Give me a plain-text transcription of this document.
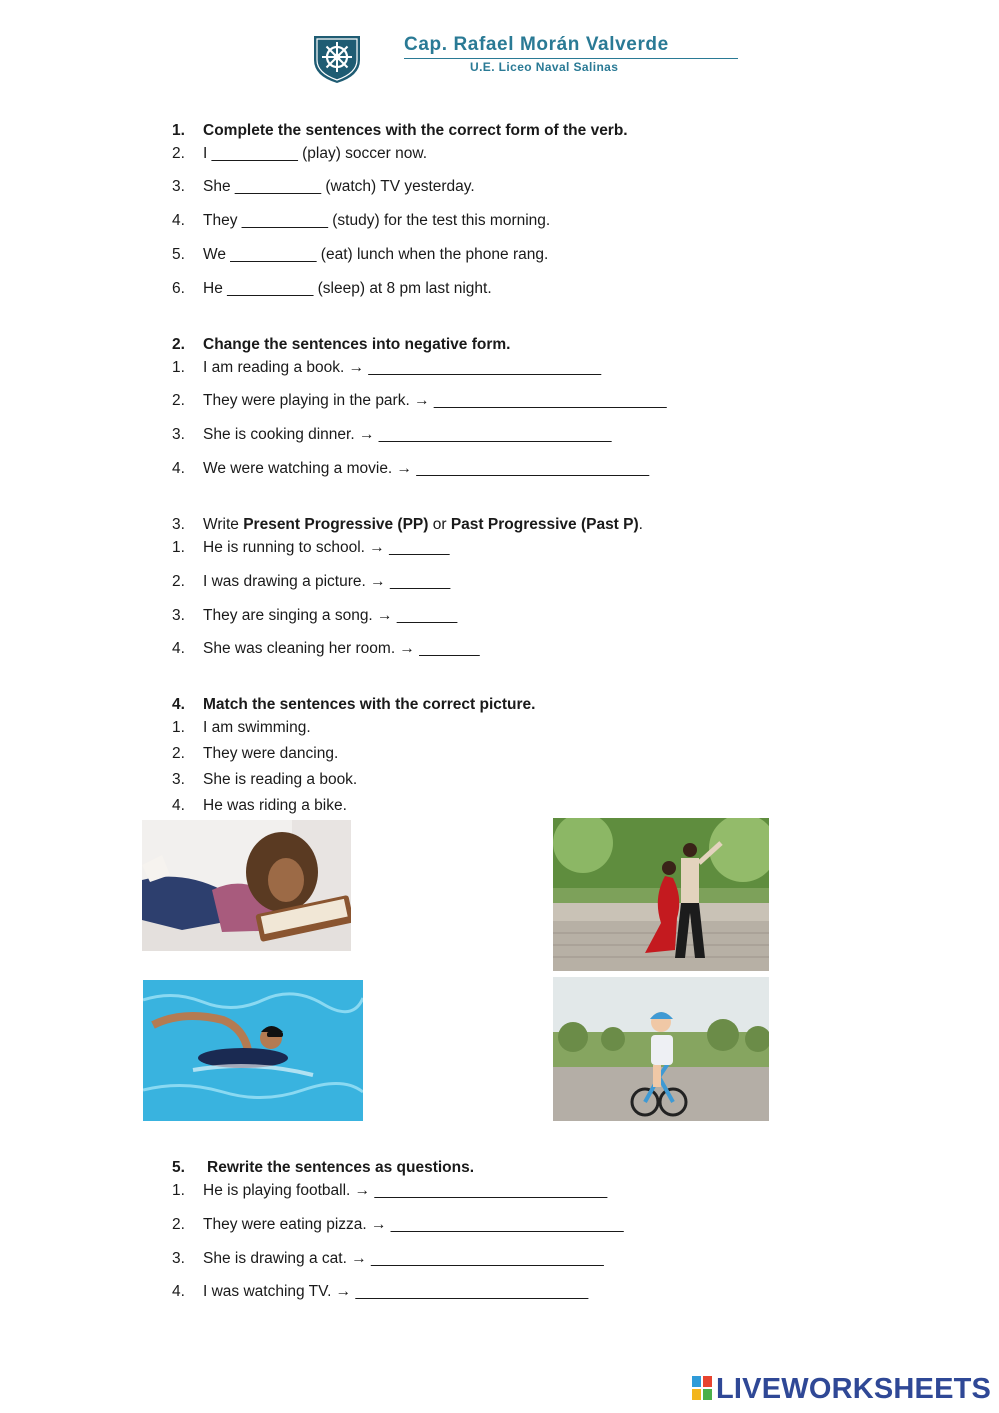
Cap. Rafael Morán Valverde
U.E. Liceo Naval Salinas
1.	Complete the sentences with the correct form of the verb.
2.	I __________ (play) soccer now.
3.	She __________ (watch) TV yesterday.
4.	They __________ (study) for the test this morning.
5.	We __________ (eat) lunch when the phone rang.
6.	He __________ (sleep) at 8 pm last night.
2.	Change the sentences into negative form.
1.	I am reading a book. → ___________________________
2.	They were playing in the park. → ___________________________
3.	She is cooking dinner. → ___________________________
4.	We were watching a movie. → ___________________________
3.	Write Present Progressive (PP) or Past Progressive (Past P).
1.	He is running to school. → _______
2.	I was drawing a picture. → _______
3.	They are singing a song. → _______
4.	She was cleaning her room. → _______
4.	Match the sentences with the correct picture.
1.	I am swimming.
2.	They were dancing.
3.	She is reading a book.
4.	He was riding a bike.
5.	Rewrite the sentences as questions.
1.	He is playing football. → ___________________________
2.	They were eating pizza. → ___________________________
3.	She is drawing a cat. → ___________________________
4.	I was watching TV. → ___________________________
LIVEWORKSHEETS
